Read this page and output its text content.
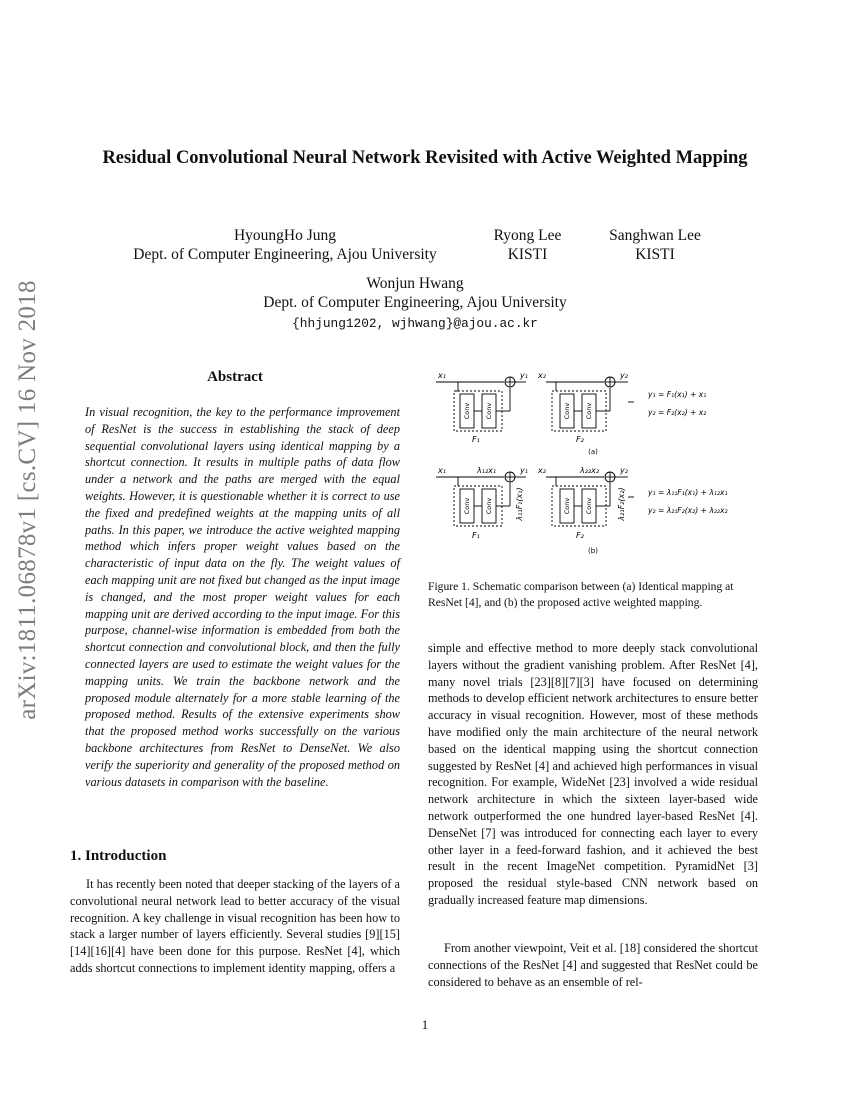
arXiv:1811.06878v1 [cs.CV] 16 Nov 2018
Residual Convolutional Neural Network Revisited with Active Weighted Mapping
HyoungHo Jung
Dept. of Computer Engineering, Ajou University
Ryong Lee
KISTI
Sanghwan Lee
KISTI
Wonjun Hwang
Dept. of Computer Engineering, Ajou University
{hhjung1202, wjhwang}@ajou.ac.kr
Abstract
In visual recognition, the key to the performance improvement of ResNet is the success in establishing the stack of deep sequential convolutional layers using identical mapping by a shortcut connection. It results in multiple paths of data flow under a network and the paths are merged with the equal weights. However, it is questionable whether it is correct to use the fixed and predefined weights at the mapping units of all paths. In this paper, we introduce the active weighted mapping method which infers proper weight values based on the characteristic of input data on the fly. The weight values of each mapping unit are not fixed but changed as the input image is changed, and the most proper weight values for each mapping unit are derived according to the input image. For this purpose, channel-wise information is embedded from both the shortcut connection and convolutional block, and then the fully connected layers are used to estimate the weight values for the mapping units. We train the backbone network and the proposed module alternately for a more stable learning of the proposed method. Results of the extensive experiments show that the proposed method works successfully on the various backbone architectures from ResNet to DenseNet. We also verify the superiority and generality of the proposed method on various datasets in comparison with the baseline.
1. Introduction
It has recently been noted that deeper stacking of the layers of a convolutional neural network lead to better accuracy of the visual recognition. A key challenge in visual recognition has been how to stack a larger number of layers efficiently. Several studies [9][15][14][16][4] have been done for this purpose. ResNet [4], which adds shortcut connections to implement identity mapping, offers a
Conv Conv	Conv Conv
Conv Conv	Conv Conv
x₁	y₁ x₂	y₂
F₁	F₂
x₁	λ₁₂x₁	y₁ x₂	λ₂₂x₂	y₂
F₁	F₂
λ₁₁F₁(x₁)	λ₂₁F₂(x₂)
y₁ = F₁(x₁) + x₁
y₂ = F₂(x₂) + x₂
y₁ = λ₁₁F₁(x₁) + λ₁₂x₁
y₂ = λ₂₁F₂(x₂) + λ₂₂x₂
(a)
(b)
Figure 1. Schematic comparison between (a) Identical mapping at ResNet [4], and (b) the proposed active weighted mapping.
simple and effective method to more deeply stack convolutional layers without the gradient vanishing problem. After ResNet [4], many novel trials [23][8][7][3] have focused on determining methods to develop efficient network architectures to ensure better accuracy in visual recognition. However, most of these methods have modified only the main architecture of the neural network based on the identical mapping using the shortcut connection suggested by ResNet [4] and achieved high performances in visual recognition. For example, WideNet [23] involved a wide residual network architecture in which the sixteen layer-based wide network outperformed the one hundred layer-based ResNet [4]. DenseNet [7] was introduced for connecting each layer to every other layer in a feed-forward fashion, and it achieved the best result in the recent ImageNet competition. PyramidNet [3] proposed the residual style-based CNN network based on gradually increased feature map dimensions.
From another viewpoint, Veit et al. [18] considered the shortcut connections of the ResNet [4] and suggested that ResNet could be considered to behave as an ensemble of rel-
1
